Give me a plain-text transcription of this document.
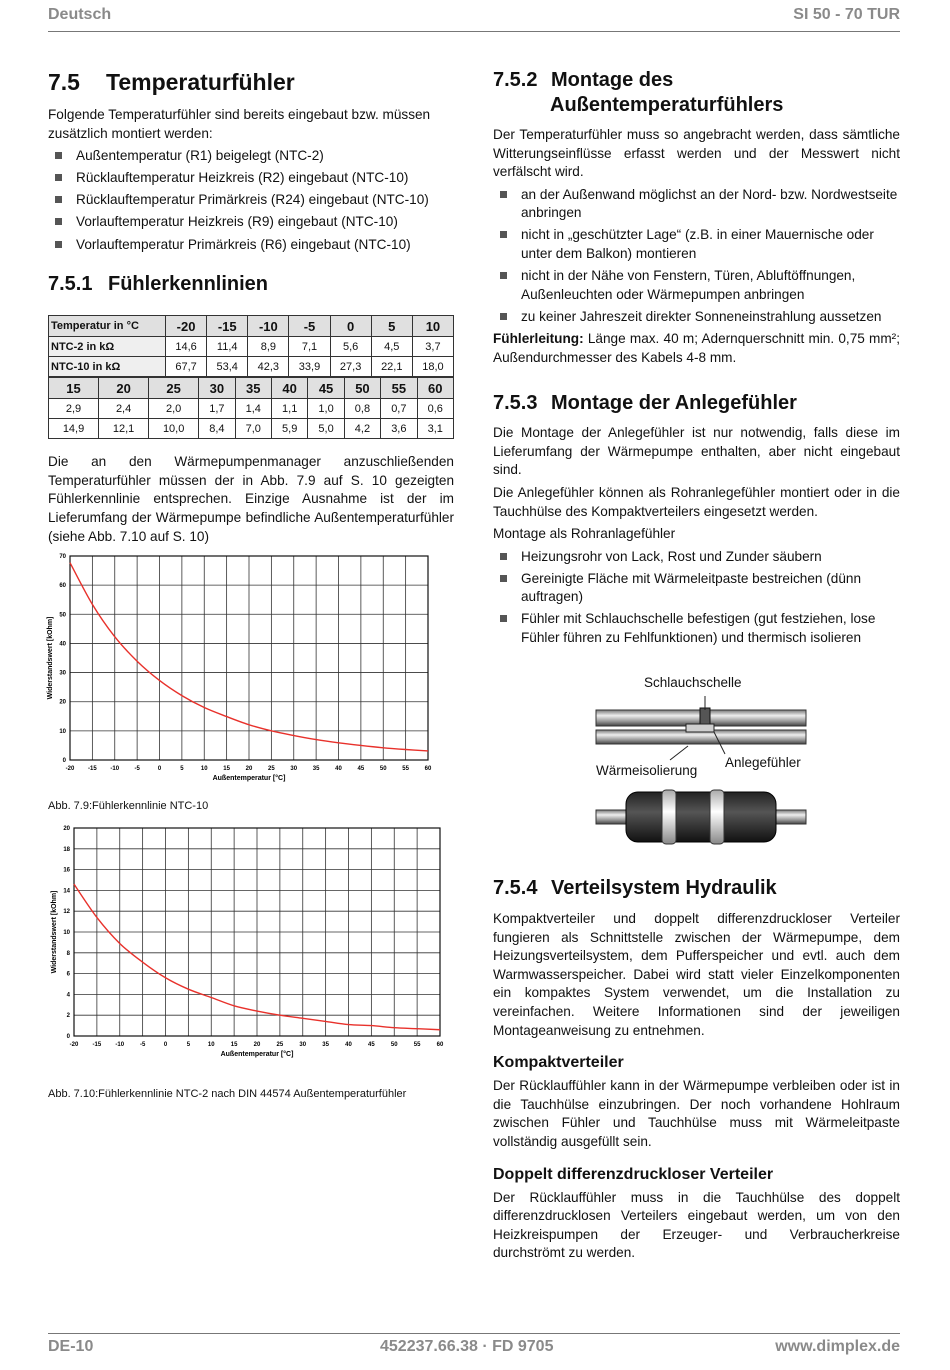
Deutsch	SI 50 - 70 TUR
DE-10	452237.66.38 · FD 9705	www.dimplex.de
7.5 Temperaturfühler

Folgende Temperaturfühler sind bereits eingebaut bzw. müssen zusätzlich montiert werden:

Außentemperatur (R1) beigelegt (NTC-2)
Rücklauftemperatur Heizkreis (R2) eingebaut (NTC-10)
Rücklauftemperatur Primärkreis (R24) eingebaut (NTC-10)
Vorlauftemperatur Heizkreis (R9) eingebaut (NTC-10)
Vorlauftemperatur Primärkreis (R6) eingebaut (NTC-10)
7.5.1 Fühlerkennlinien
Temperatur in °C	-20	-15	-10	-5	0	5	10
NTC-2 in kΩ	14,6	11,4	8,9	7,1	5,6	4,5	3,7
NTC-10 in kΩ	67,7	53,4	42,3	33,9	27,3	22,1	18,0
15	20	25	30	35	40	45	50	55	60
2,9	2,4	2,0	1,7	1,4	1,1	1,0	0,8	0,7	0,6
14,9	12,1	10,0	8,4	7,0	5,9	5,0	4,2	3,6	3,1

Die an den Wärmepumpenmanager anzuschließenden Temperaturfühler müssen der in Abb. 7.9 auf S. 10 gezeigten Fühlerkennlinie entsprechen. Einzige Ausnahme ist der im Lieferumfang der Wärmepumpe befindliche Außentemperaturfühler (siehe Abb. 7.10 auf S. 10)

-20 -15 -10	-5	0	5	10	15	20	25	30	35	40	45	50	55	60
0
10
20
30
40
50
60
70
Außentemperatur [°C]
Widerstandswert [kOhm]
Abb. 7.9:Fühlerkennlinie NTC-10
-20 -15 -10	-5	0	5	10	15	20	25	30	35	40	45	50	55	60
0
2
4
6
8
10
12
14
16
18
20
Außentemperatur [°C]
Widerstandswert [kOhm]
Abb. 7.10:Fühlerkennlinie NTC-2 nach DIN 44574 Außentemperaturfühler
7.5.2 Montage des
Außentemperaturfühlers

Der Temperaturfühler muss so angebracht werden, dass sämtliche Witterungseinflüsse erfasst werden und der Messwert nicht verfälscht wird.

an der Außenwand möglichst an der Nord- bzw. Nordwestseite anbringen
nicht in „geschützter Lage“ (z.B. in einer Mauernische oder unter dem Balkon) montieren
nicht in der Nähe von Fenstern, Türen, Abluftöffnungen, Außenleuchten oder Wärmepumpen anbringen
zu keiner Jahreszeit direkter Sonneneinstrahlung aussetzen

Fühlerleitung: Länge max. 40 m; Adernquerschnitt min. 0,75 mm²; Außendurchmesser des Kabels 4-8 mm.

7.5.3 Montage der Anlegefühler

Die Montage der Anlegefühler ist nur notwendig, falls diese im Lieferumfang der Wärmepumpe enthalten, aber nicht eingebaut sind.

Die Anlegefühler können als Rohranlegefühler montiert oder in die Tauchhülse des Kompaktverteilers eingesetzt werden.

Montage als Rohranlagefühler

Heizungsrohr von Lack, Rost und Zunder säubern
Gereinigte Fläche mit Wärmeleitpaste bestreichen (dünn auftragen)
Fühler mit Schlauchschelle befestigen (gut festziehen, lose Fühler führen zu Fehlfunktionen) und thermisch isolieren
Schlauchschelle
Anlegefühler
Wärmeisolierung
7.5.4 Verteilsystem Hydraulik

Kompaktverteiler und doppelt differenzdruckloser Verteiler fungieren als Schnittstelle zwischen der Wärmepumpe, dem Heizungsverteilsystem, dem Pufferspeicher und evtl. auch dem Warmwasserspeicher. Dabei wird statt vieler Einzelkomponenten ein kompaktes System verwendet, um die Installation zu vereinfachen. Weitere Informationen sind der jeweiligen Montageanweisung zu entnehmen.

Kompaktverteiler

Der Rücklauffühler kann in der Wärmepumpe verbleiben oder ist in die Tauchhülse einzubringen. Der noch vorhandene Hohlraum zwischen Fühler und Tauchhülse muss mit Wärmeleitpaste vollständig ausgefüllt sein.

Doppelt differenzdruckloser Verteiler

Der Rücklauffühler muss in die Tauchhülse des doppelt differenzdrucklosen Verteilers eingebaut werden, um von den Heizkreispumpen der Erzeuger- und Verbraucherkreise durchströmt zu werden.
